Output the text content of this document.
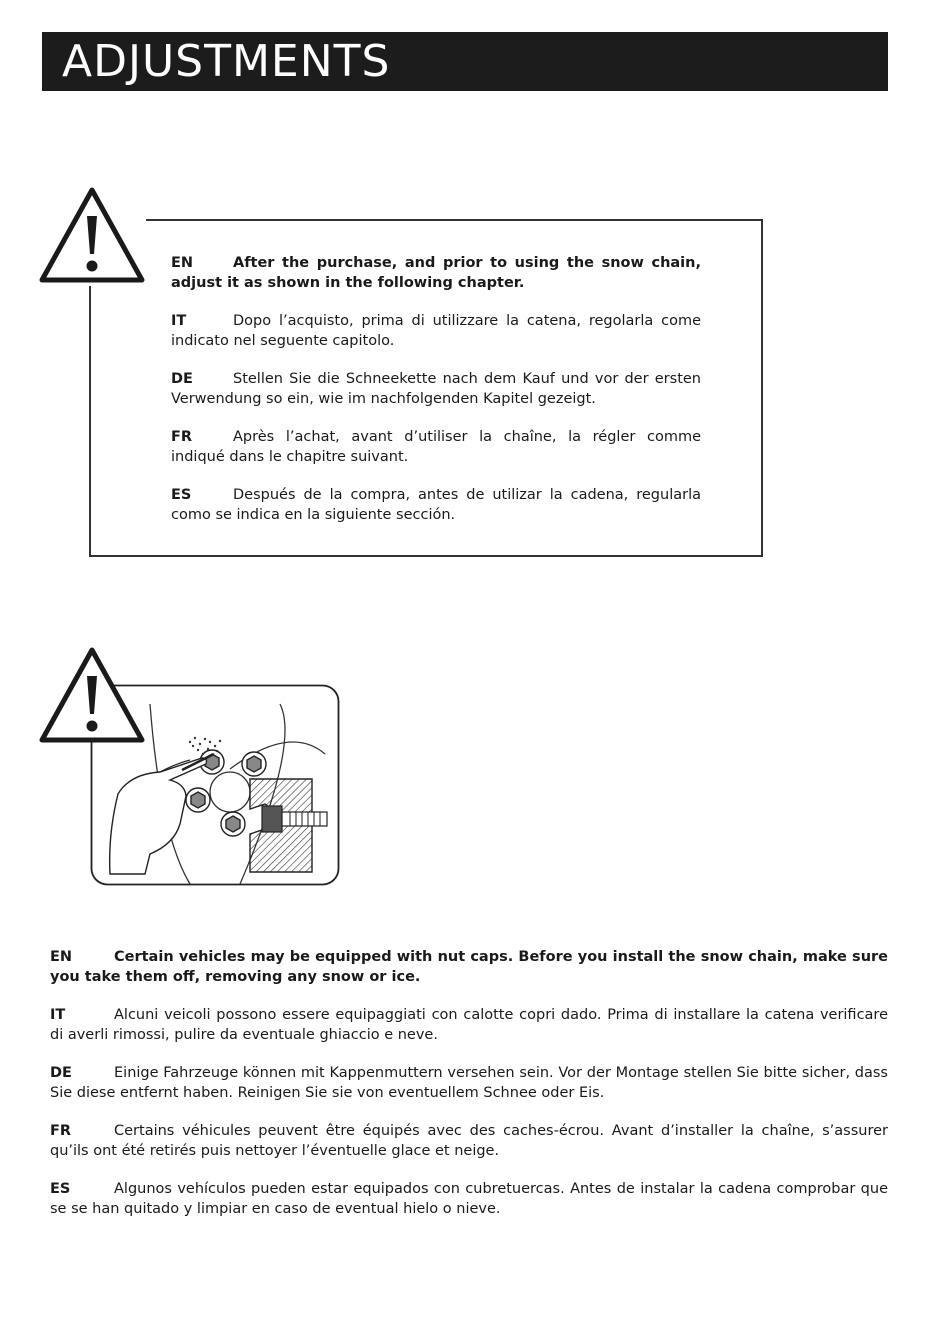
ADJUSTMENTS

EN	After the purchase, and prior to using the snow chain, adjust it as shown in the following chapter.

IT	Dopo l’acquisto, prima di utilizzare la catena, regolarla come indicato nel seguente capitolo.

DE	Stellen Sie die Schneekette nach dem Kauf und vor der ersten Verwendung so ein, wie im nachfolgenden Kapitel gezeigt.

FR	Après l’achat, avant d’utiliser la chaîne, la régler comme indiqué dans le chapitre suivant.

ES	Después de la compra, antes de utilizar la cadena, regularla como se indica en la siguiente sección.

EN	Certain vehicles may be equipped with nut caps. Before you install the snow chain, make sure you take them off, removing any snow or ice.

IT	Alcuni veicoli possono essere equipaggiati con calotte copri dado. Prima di installare la catena verificare di averli rimossi, pulire da eventuale ghiaccio e neve.

DE	Einige Fahrzeuge können mit Kappenmuttern versehen sein. Vor der Montage stellen Sie bitte sicher, dass Sie diese entfernt haben. Reinigen Sie sie von eventuellem Schnee oder Eis.

FR	Certains véhicules peuvent être équipés avec des caches-écrou. Avant d’installer la chaîne, s’assurer qu’ils ont été retirés puis nettoyer l’éventuelle glace et neige.

ES	Algunos vehículos pueden estar equipados con cubretuercas. Antes de instalar la cadena comprobar que se se han quitado y limpiar en caso de eventual hielo o nieve.
